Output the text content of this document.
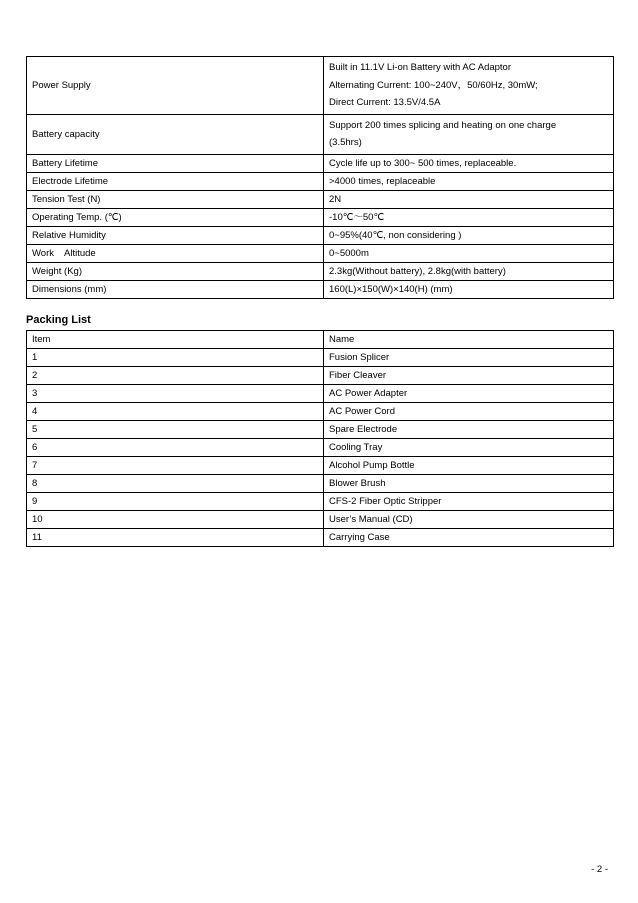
Power Supply	Built in 11.1V Li-on Battery with AC Adaptor
Alternating Current: 100~240V，50/60Hz, 30mW;
Direct Current: 13.5V/4.5A

Battery capacity	Support 200 times splicing and heating on one charge
(3.5hrs)

Battery Lifetime	Cycle life up to 300~ 500 times, replaceable.
Electrode Lifetime	>4000 times, replaceable
Tension Test (N)	2N
Operating Temp. (℃)	-10℃～50℃
Relative Humidity	0~95%(40℃, non considering )
Work    Altitude	0~5000m
Weight (Kg)	2.3kg(Without battery), 2.8kg(with battery)
Dimensions (mm)	160(L)×150(W)×140(H) (mm)
Packing List
Item	Name
1	Fusion Splicer
2	Fiber Cleaver
3	AC Power Adapter
4	AC Power Cord
5	Spare Electrode
6	Cooling Tray
7	Alcohol Pump Bottle
8	Blower Brush
9	CFS-2 Fiber Optic Stripper
10	User’s Manual (CD)
11	Carrying Case
- 2 -
